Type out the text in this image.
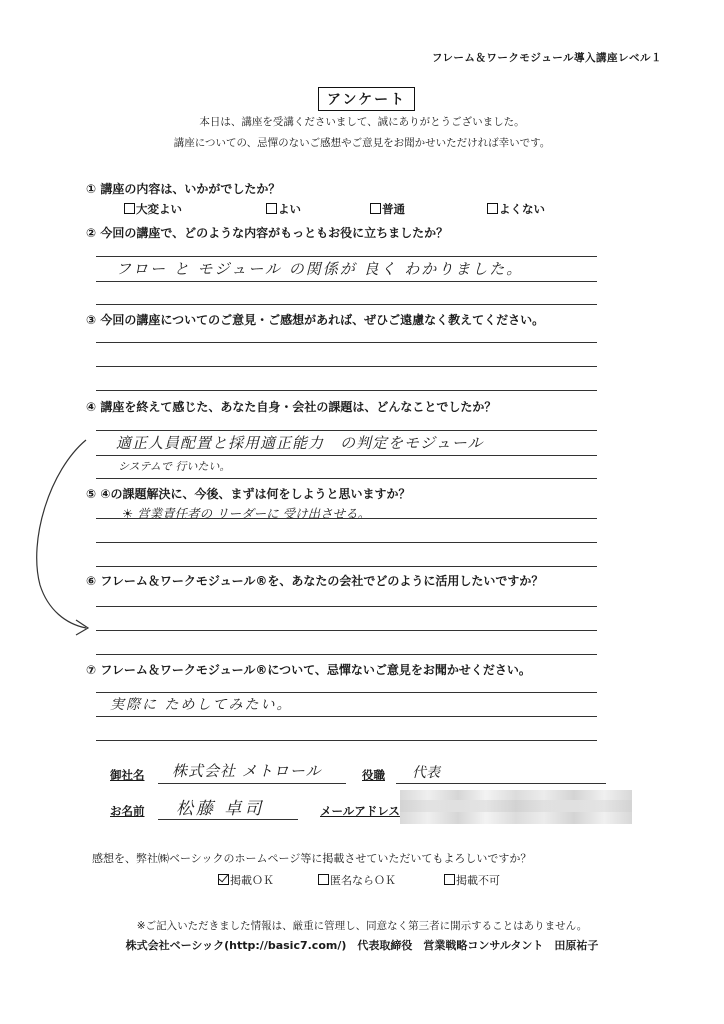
フレーム＆ワークモジュール導入講座レベル１
アンケート
本日は、講座を受講くださいまして、誠にありがとうございました。
講座についての、忌憚のないご感想やご意見をお聞かせいただければ幸いです。
① 講座の内容は、いかがでしたか？
大変よい	よい	普通	よくない
② 今回の講座で、どのような内容がもっともお役に立ちましたか？
フロー と モジュール の関係が 良く わかりました。
③ 今回の講座についてのご意見・ご感想があれば、ぜひご遠慮なく教えてください。
④ 講座を終えて感じた、あなた自身・会社の課題は、どんなことでしたか？
適正人員配置と採用適正能力　の判定をモジュール
システムで 行いたい。
⑤ ④の課題解決に、今後、まずは何をしようと思いますか？
☀ 営業責任者の リーダーに 受け出させる。
⑥ フレーム＆ワークモジュール®を、あなたの会社でどのように活用したいですか？
⑦ フレーム＆ワークモジュール®について、忌憚ないご意見をお聞かせください。
実際に ためしてみたい。
御社名 株式会社 メトロール	役職 代表
お名前 松藤 卓司	メールアドレス
感想を、弊社㈱ベーシックのホームページ等に掲載させていただいてもよろしいですか？
掲載ＯＫ	匿名ならＯＫ	掲載不可
※ご記入いただきました情報は、厳重に管理し、同意なく第三者に開示することはありません。
株式会社ベーシック(http://basic7.com/)　代表取締役　営業戦略コンサルタント　田原祐子
